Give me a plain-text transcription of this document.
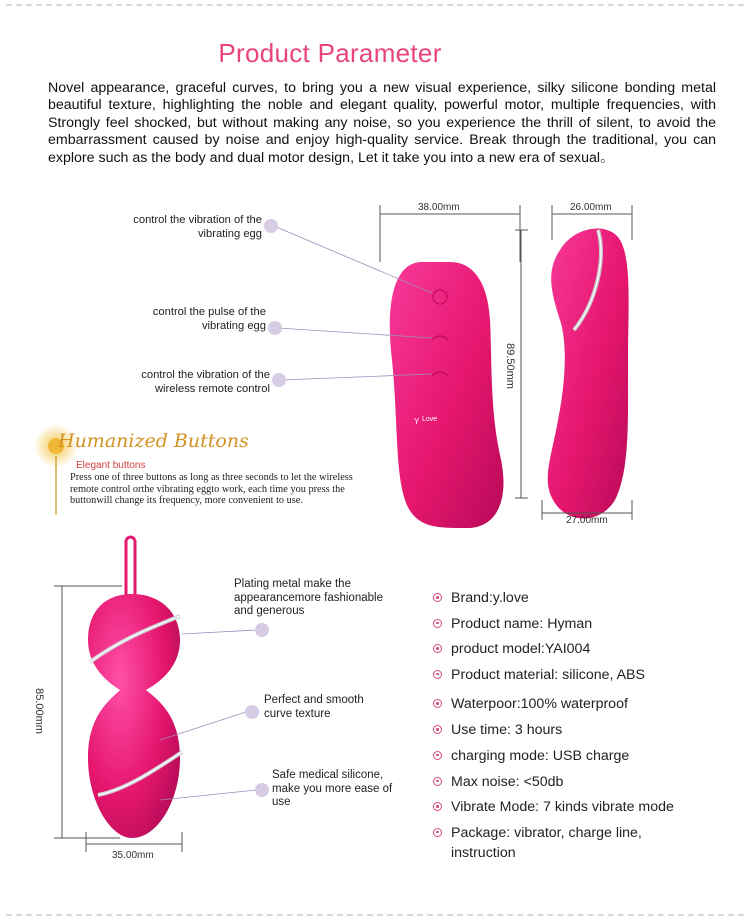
Product Parameter
Novel appearance, graceful curves, to bring you a new visual experience, silky silicone bonding metal beautiful texture, highlighting the noble and elegant quality, powerful motor, multiple frequencies, with Strongly feel shocked, but without making any noise, so you experience the thrill of silent, to avoid the embarrassment caused by noise and enjoy high-quality service. Break through the traditional, you can explore such as the body and dual motor design, Let it take you into a new era of sexual。
Y
38.00mm	26.00mm
27.00mm
89.50mm
Love
control the vibration of the vibrating egg
control the pulse of the vibrating egg
control the vibration of the wireless remote control
Humanized Buttons
Elegant buttons
Press one of three buttons as long as three seconds to let the wireless remote control orthe vibrating eggto work, each time you press the buttonwill change its frequency, more convenient to use.
85.00mm
35.00mm
Plating metal make the appearancemore fashionable and generous
Perfect and smooth curve texture
Safe medical silicone, make you more ease of use
Brand:y.love
Product name: Hyman
product model:YAI004
Product material: silicone, ABS
Waterpoor:100% waterproof
Use time: 3 hours
charging mode: USB charge
Max noise: <50db
Vibrate Mode: 7 kinds vibrate mode
Package: vibrator, charge line, instruction
